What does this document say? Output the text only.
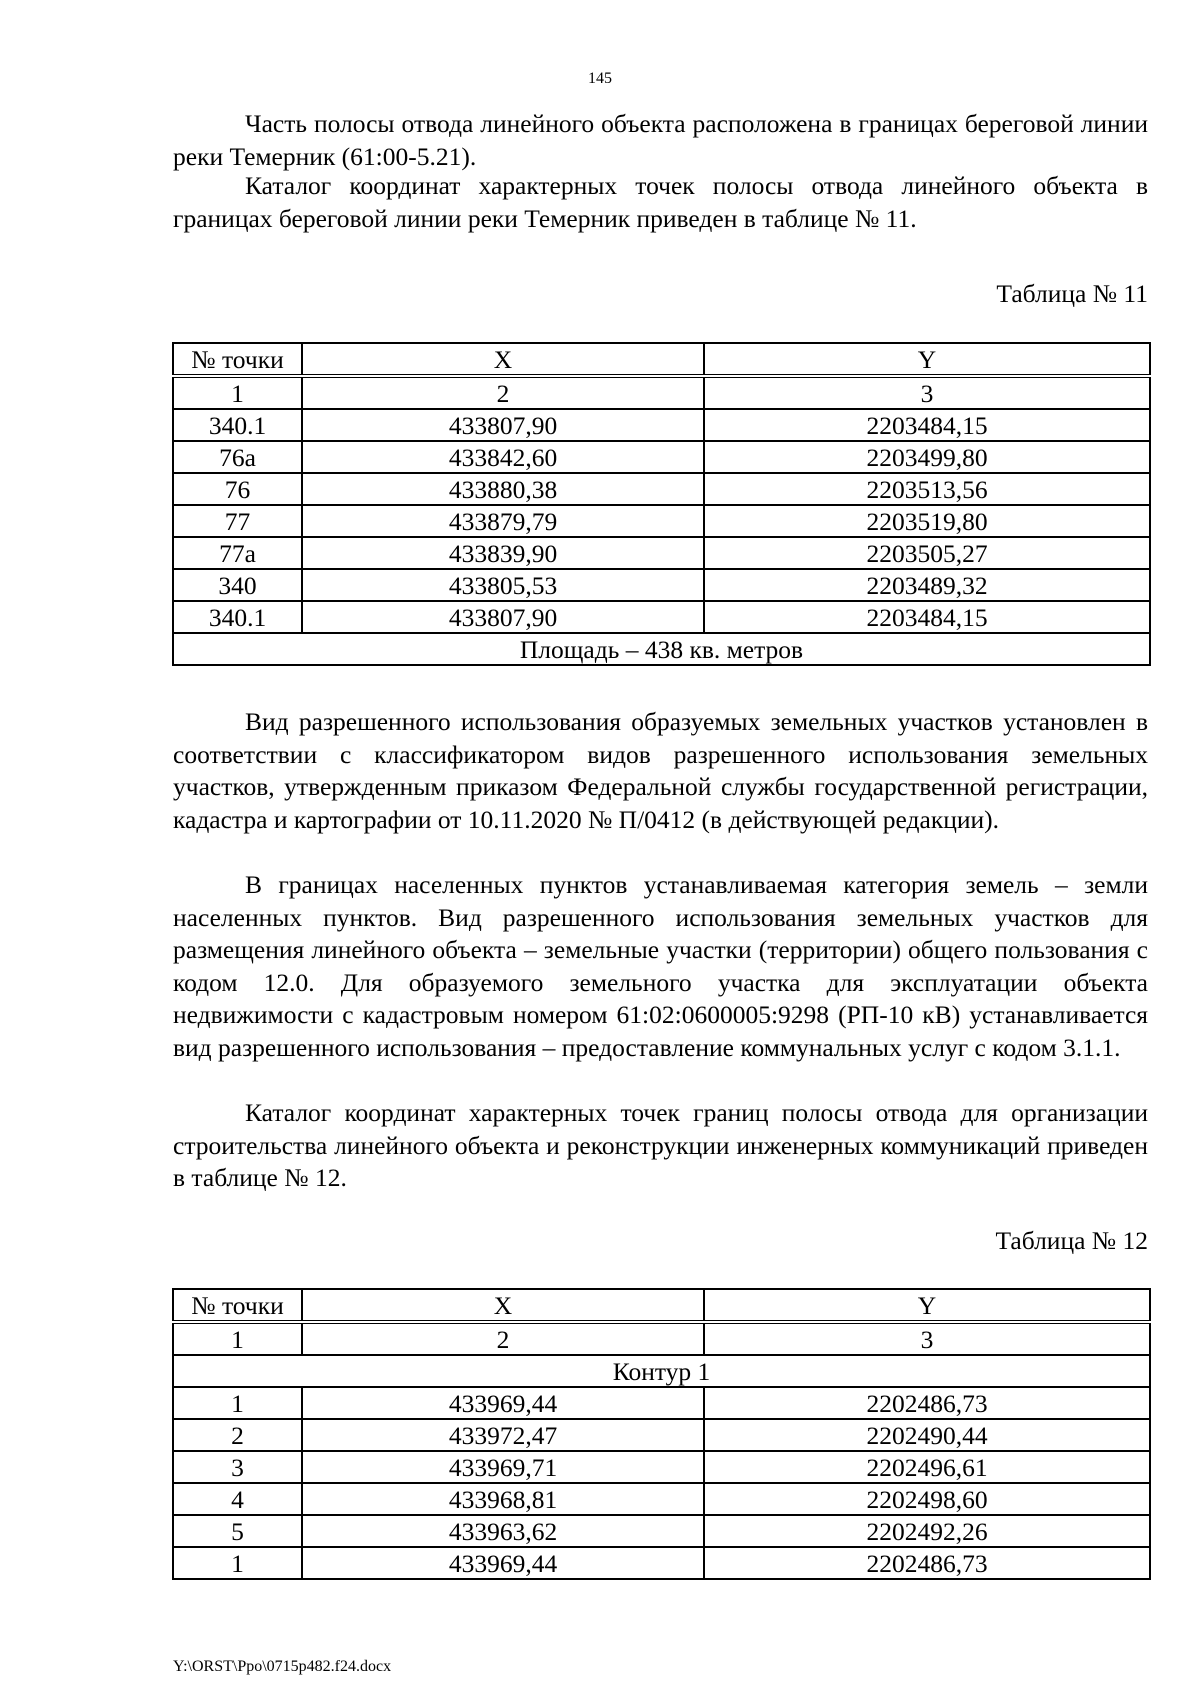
145

Часть полосы отвода линейного объекта расположена в границах береговой линии реки Темерник (61:00-5.21).

Каталог координат характерных точек полосы отвода линейного объекта в границах береговой линии реки Темерник приведен в таблице № 11.

Таблица № 11
№ точки	X	Y
1	2	3
340.1	433807,90	2203484,15
76а	433842,60	2203499,80
76	433880,38	2203513,56
77	433879,79	2203519,80
77а	433839,90	2203505,27
340	433805,53	2203489,32
340.1	433807,90	2203484,15
Площадь – 438 кв. метров		

Вид разрешенного использования образуемых земельных участков установлен в соответствии с классификатором видов разрешенного использования земельных участков, утвержденным приказом Федеральной службы государственной регистрации, кадастра и картографии от 10.11.2020 № П/0412 (в действующей редакции).

В границах населенных пунктов устанавливаемая категория земель – земли населенных пунктов. Вид разрешенного использования земельных участков для размещения линейного объекта – земельные участки (территории) общего пользования с кодом 12.0. Для образуемого земельного участка для эксплуатации объекта недвижимости с кадастровым номером 61:02:0600005:9298 (РП-10 кВ) устанавливается вид разрешенного использования – предоставление коммунальных услуг с кодом 3.1.1.

Каталог координат характерных точек границ полосы отвода для организации строительства линейного объекта и реконструкции инженерных коммуникаций приведен в таблице № 12.

Таблица № 12
№ точки	X	Y
1	2	3
Контур 1		
1	433969,44	2202486,73
2	433972,47	2202490,44
3	433969,71	2202496,61
4	433968,81	2202498,60
5	433963,62	2202492,26
1	433969,44	2202486,73
Y:\ORST\Ppo\0715p482.f24.docx
